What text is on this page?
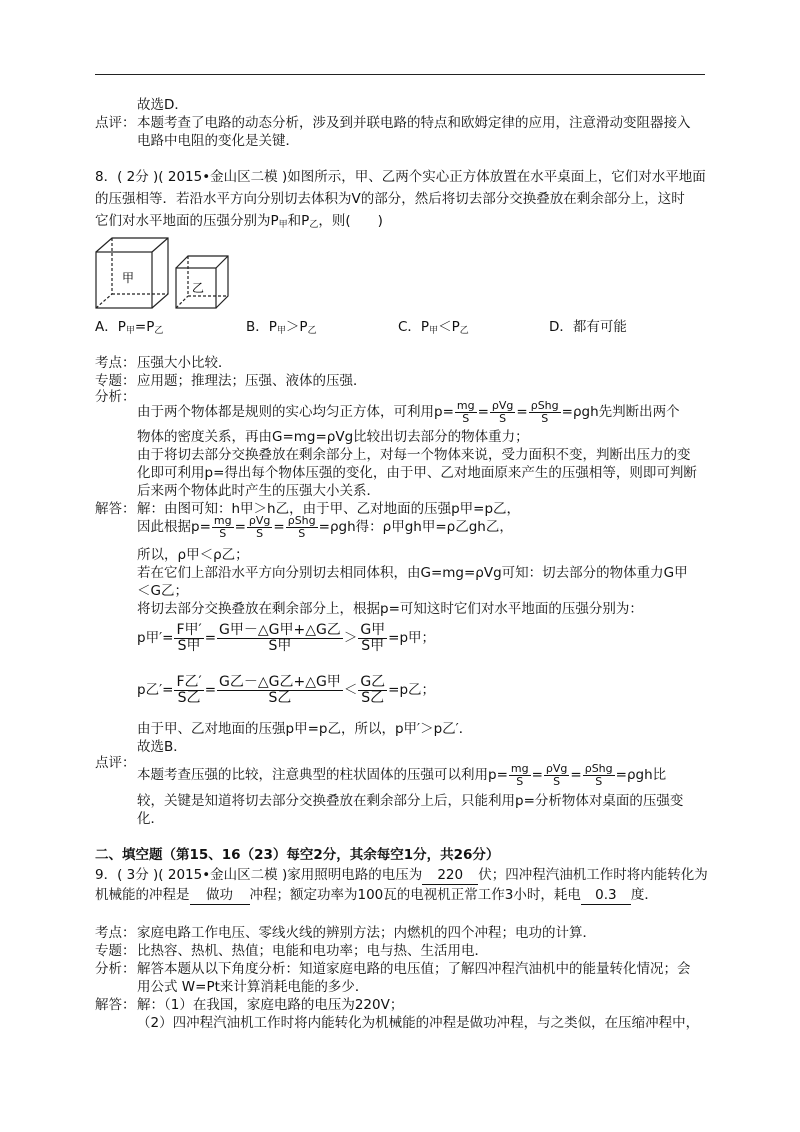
故选D．
点评： 本题考查了电路的动态分析，涉及到并联电路的特点和欧姆定律的应用，注意滑动变阻器接入
电路中电阻的变化是关键．
8．( 2分 )( 2015•金山区二模 )如图所示，甲、乙两个实心正方体放置在水平桌面上，它们对水平地面
的压强相等．若沿水平方向分别切去体积为V的部分，然后将切去部分交换叠放在剩余部分上，这时
它们对水平地面的压强分别为$P_甲$和$P_乙$，则(　　)
甲
乙
A．$P_甲=P_乙$	B．$P_甲>P_乙$	C．$P_甲<P_乙$	D．都有可能
考点： 压强大小比较．
专题： 应用题；推理法；压强、液体的压强．
分析：
由于两个物体都是规则的实心均匀正方体，可利用$p= \frac{mg}{S} = \frac{\text{ρVg}}{S} = \frac{\text{ρShg}}{S} =\rho gh$先判断出两个
物体的密度关系，再由G=mg=ρVg比较出切去部分的物体重力；
由于将切去部分交换叠放在剩余部分上，对每一个物体来说，受力面积不变，判断出压力的变
化即可利用p=得出每个物体压强的变化，由于甲、乙对地面原来产生的压强相等，则即可判断
后来两个物体此时产生的压强大小关系．
解答： 解：由图可知：h甲＞h乙，由于甲、乙对地面的压强p甲=p乙，
因此根据$p= \frac{mg}{S} = \frac{\text{ρVg}}{S} = \frac{\text{ρShg}}{S} =\rho gh$得：ρ甲gh甲=ρ乙gh乙，
所以，ρ甲＜ρ乙；
若在它们上部沿水平方向分别切去相同体积，由G=mg=ρVg可知：切去部分的物体重力G甲
＜G乙；
将切去部分交换叠放在剩余部分上，根据p=可知这时它们对水平地面的压强分别为：
p甲′= $\frac{\text{F甲′}}{\text{S甲}} = \frac{\text{G甲－△G甲+△G乙}}{\text{S甲}} > \frac{\text{G甲}}{\text{S甲}} =p$甲；
p乙′= $\frac{\text{F乙′}}{\text{S乙}} = \frac{\text{G乙－△G乙+△G甲}}{\text{S乙}} < \frac{\text{G乙}}{\text{S乙}} =p$乙；
由于甲、乙对地面的压强p甲=p乙，所以，p甲′＞p乙′．
故选B．
点评：
本题考查压强的比较，注意典型的柱状固体的压强可以利用$p= \frac{mg}{S} = \frac{\text{ρVg}}{S} = \frac{\text{ρShg}}{S} =\rho gh$比
较，关键是知道将切去部分交换叠放在剩余部分上后，只能利用p=分析物体对桌面的压强变
化．
二、填空题（第15、16（23）每空2分，其余每空1分，共26分）
9．( 3分 )( 2015•金山区二模 )家用照明电路的电压为 220 伏；四冲程汽油机工作时将内能转化为
机械能的冲程是 做功 冲程；额定功率为100瓦的电视机正常工作3小时，耗电 0.3 度．
考点： 家庭电路工作电压、零线火线的辨别方法；内燃机的四个冲程；电功的计算．
专题： 比热容、热机、热值；电能和电功率；电与热、生活用电．
分析： 解答本题从以下角度分析：知道家庭电路的电压值；了解四冲程汽油机中的能量转化情况；会
用公式 W=Pt来计算消耗电能的多少．
解答： 解：（1）在我国，家庭电路的电压为220V；
（2）四冲程汽油机工作时将内能转化为机械能的冲程是做功冲程，与之类似，在压缩冲程中，
